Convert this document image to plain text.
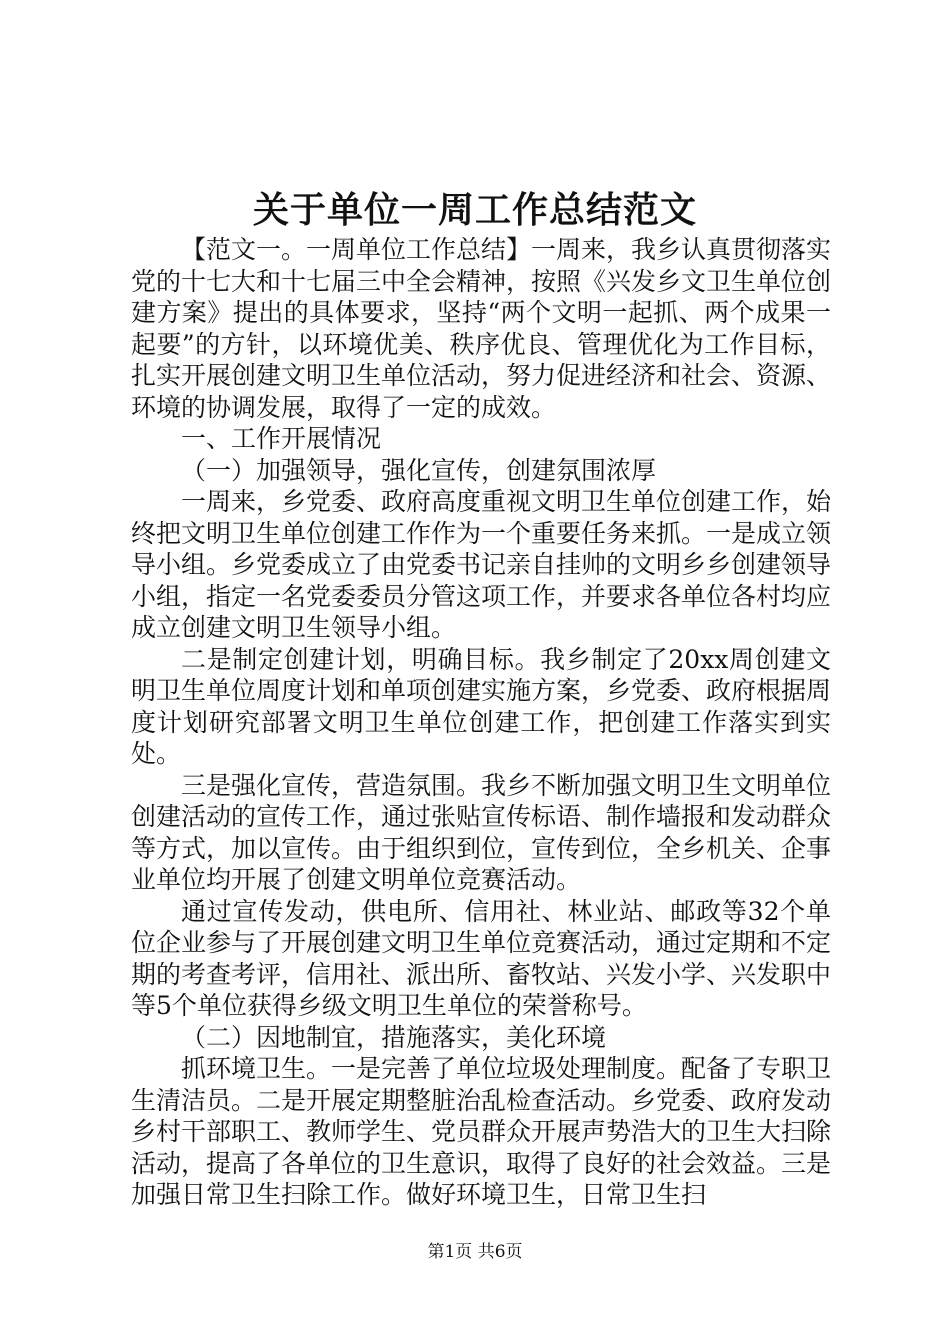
关于单位一周工作总结范文

【范文一。一周单位工作总结】一周来，我乡认真贯彻落实党的十七大和十七届三中全会精神，按照《兴发乡文卫生单位创建方案》提出的具体要求，坚持“两个文明一起抓、两个成果一起要”的方针，以环境优美、秩序优良、管理优化为工作目标，扎实开展创建文明卫生单位活动，努力促进经济和社会、资源、环境的协调发展，取得了一定的成效。

一、工作开展情况

（一）加强领导，强化宣传，创建氛围浓厚

一周来，乡党委、政府高度重视文明卫生单位创建工作，始终把文明卫生单位创建工作作为一个重要任务来抓。一是成立领导小组。乡党委成立了由党委书记亲自挂帅的文明乡乡创建领导小组，指定一名党委委员分管这项工作，并要求各单位各村均应成立创建文明卫生领导小组。

二是制定创建计划，明确目标。我乡制定了20xx周创建文明卫生单位周度计划和单项创建实施方案，乡党委、政府根据周度计划研究部署文明卫生单位创建工作，把创建工作落实到实处。

三是强化宣传，营造氛围。我乡不断加强文明卫生文明单位创建活动的宣传工作，通过张贴宣传标语、制作墙报和发动群众等方式，加以宣传。由于组织到位，宣传到位，全乡机关、企事业单位均开展了创建文明单位竞赛活动。

通过宣传发动，供电所、信用社、林业站、邮政等32个单位企业参与了开展创建文明卫生单位竞赛活动，通过定期和不定期的考查考评，信用社、派出所、畜牧站、兴发小学、兴发职中等5个单位获得乡级文明卫生单位的荣誉称号。

（二）因地制宜，措施落实，美化环境

抓环境卫生。一是完善了单位垃圾处理制度。配备了专职卫生清洁员。二是开展定期整脏治乱检查活动。乡党委、政府发动乡村干部职工、教师学生、党员群众开展声势浩大的卫生大扫除活动，提高了各单位的卫生意识，取得了良好的社会效益。三是加强日常卫生扫除工作。做好环境卫生，日常卫生扫

第1页 共6页
